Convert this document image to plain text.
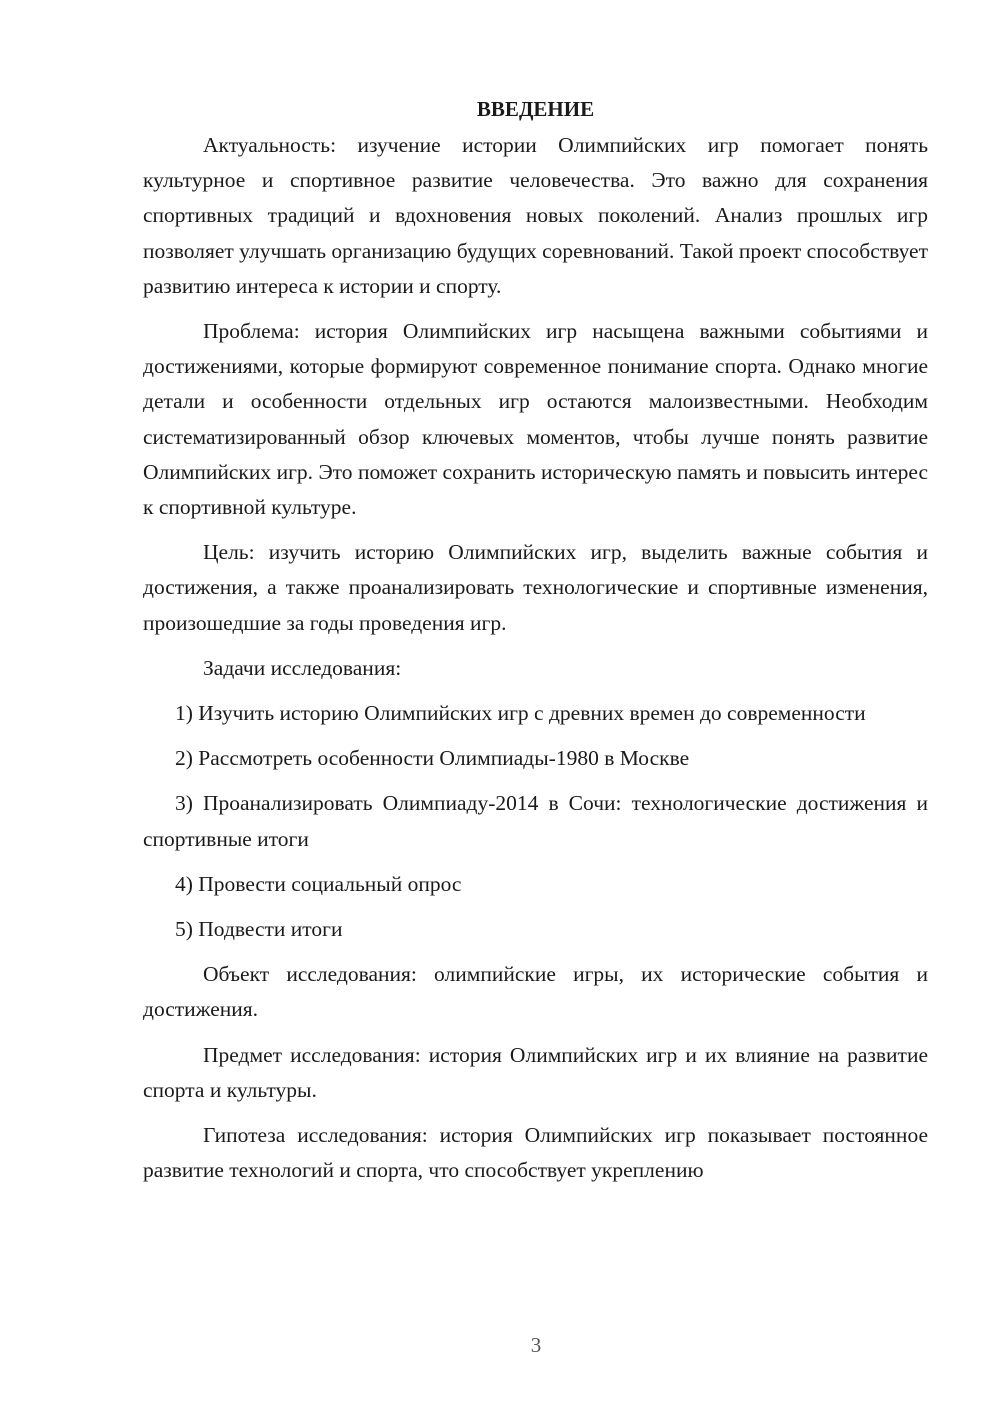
ВВЕДЕНИЕ

Актуальность: изучение истории Олимпийских игр помогает понять культурное и спортивное развитие человечества. Это важно для сохранения спортивных традиций и вдохновения новых поколений. Анализ прошлых игр позволяет улучшать организацию будущих соревнований. Такой проект способствует развитию интереса к истории и спорту.

Проблема: история Олимпийских игр насыщена важными событиями и достижениями, которые формируют современное понимание спорта. Однако многие детали и особенности отдельных игр остаются малоизвестными. Необходим систематизированный обзор ключевых моментов, чтобы лучше понять развитие Олимпийских игр. Это поможет сохранить историческую память и повысить интерес к спортивной культуре.

Цель: изучить историю Олимпийских игр, выделить важные события и достижения, а также проанализировать технологические и спортивные изменения, произошедшие за годы проведения игр.

Задачи исследования:

1) Изучить историю Олимпийских игр с древних времен до современности

2) Рассмотреть особенности Олимпиады-1980 в Москве

3) Проанализировать Олимпиаду-2014 в Сочи: технологические достижения и спортивные итоги

4) Провести социальный опрос

5) Подвести итоги

Объект исследования: олимпийские игры, их исторические события и достижения.

Предмет исследования: история Олимпийских игр и их влияние на развитие спорта и культуры.

Гипотеза исследования: история Олимпийских игр показывает постоянное развитие технологий и спорта, что способствует укреплению

3
